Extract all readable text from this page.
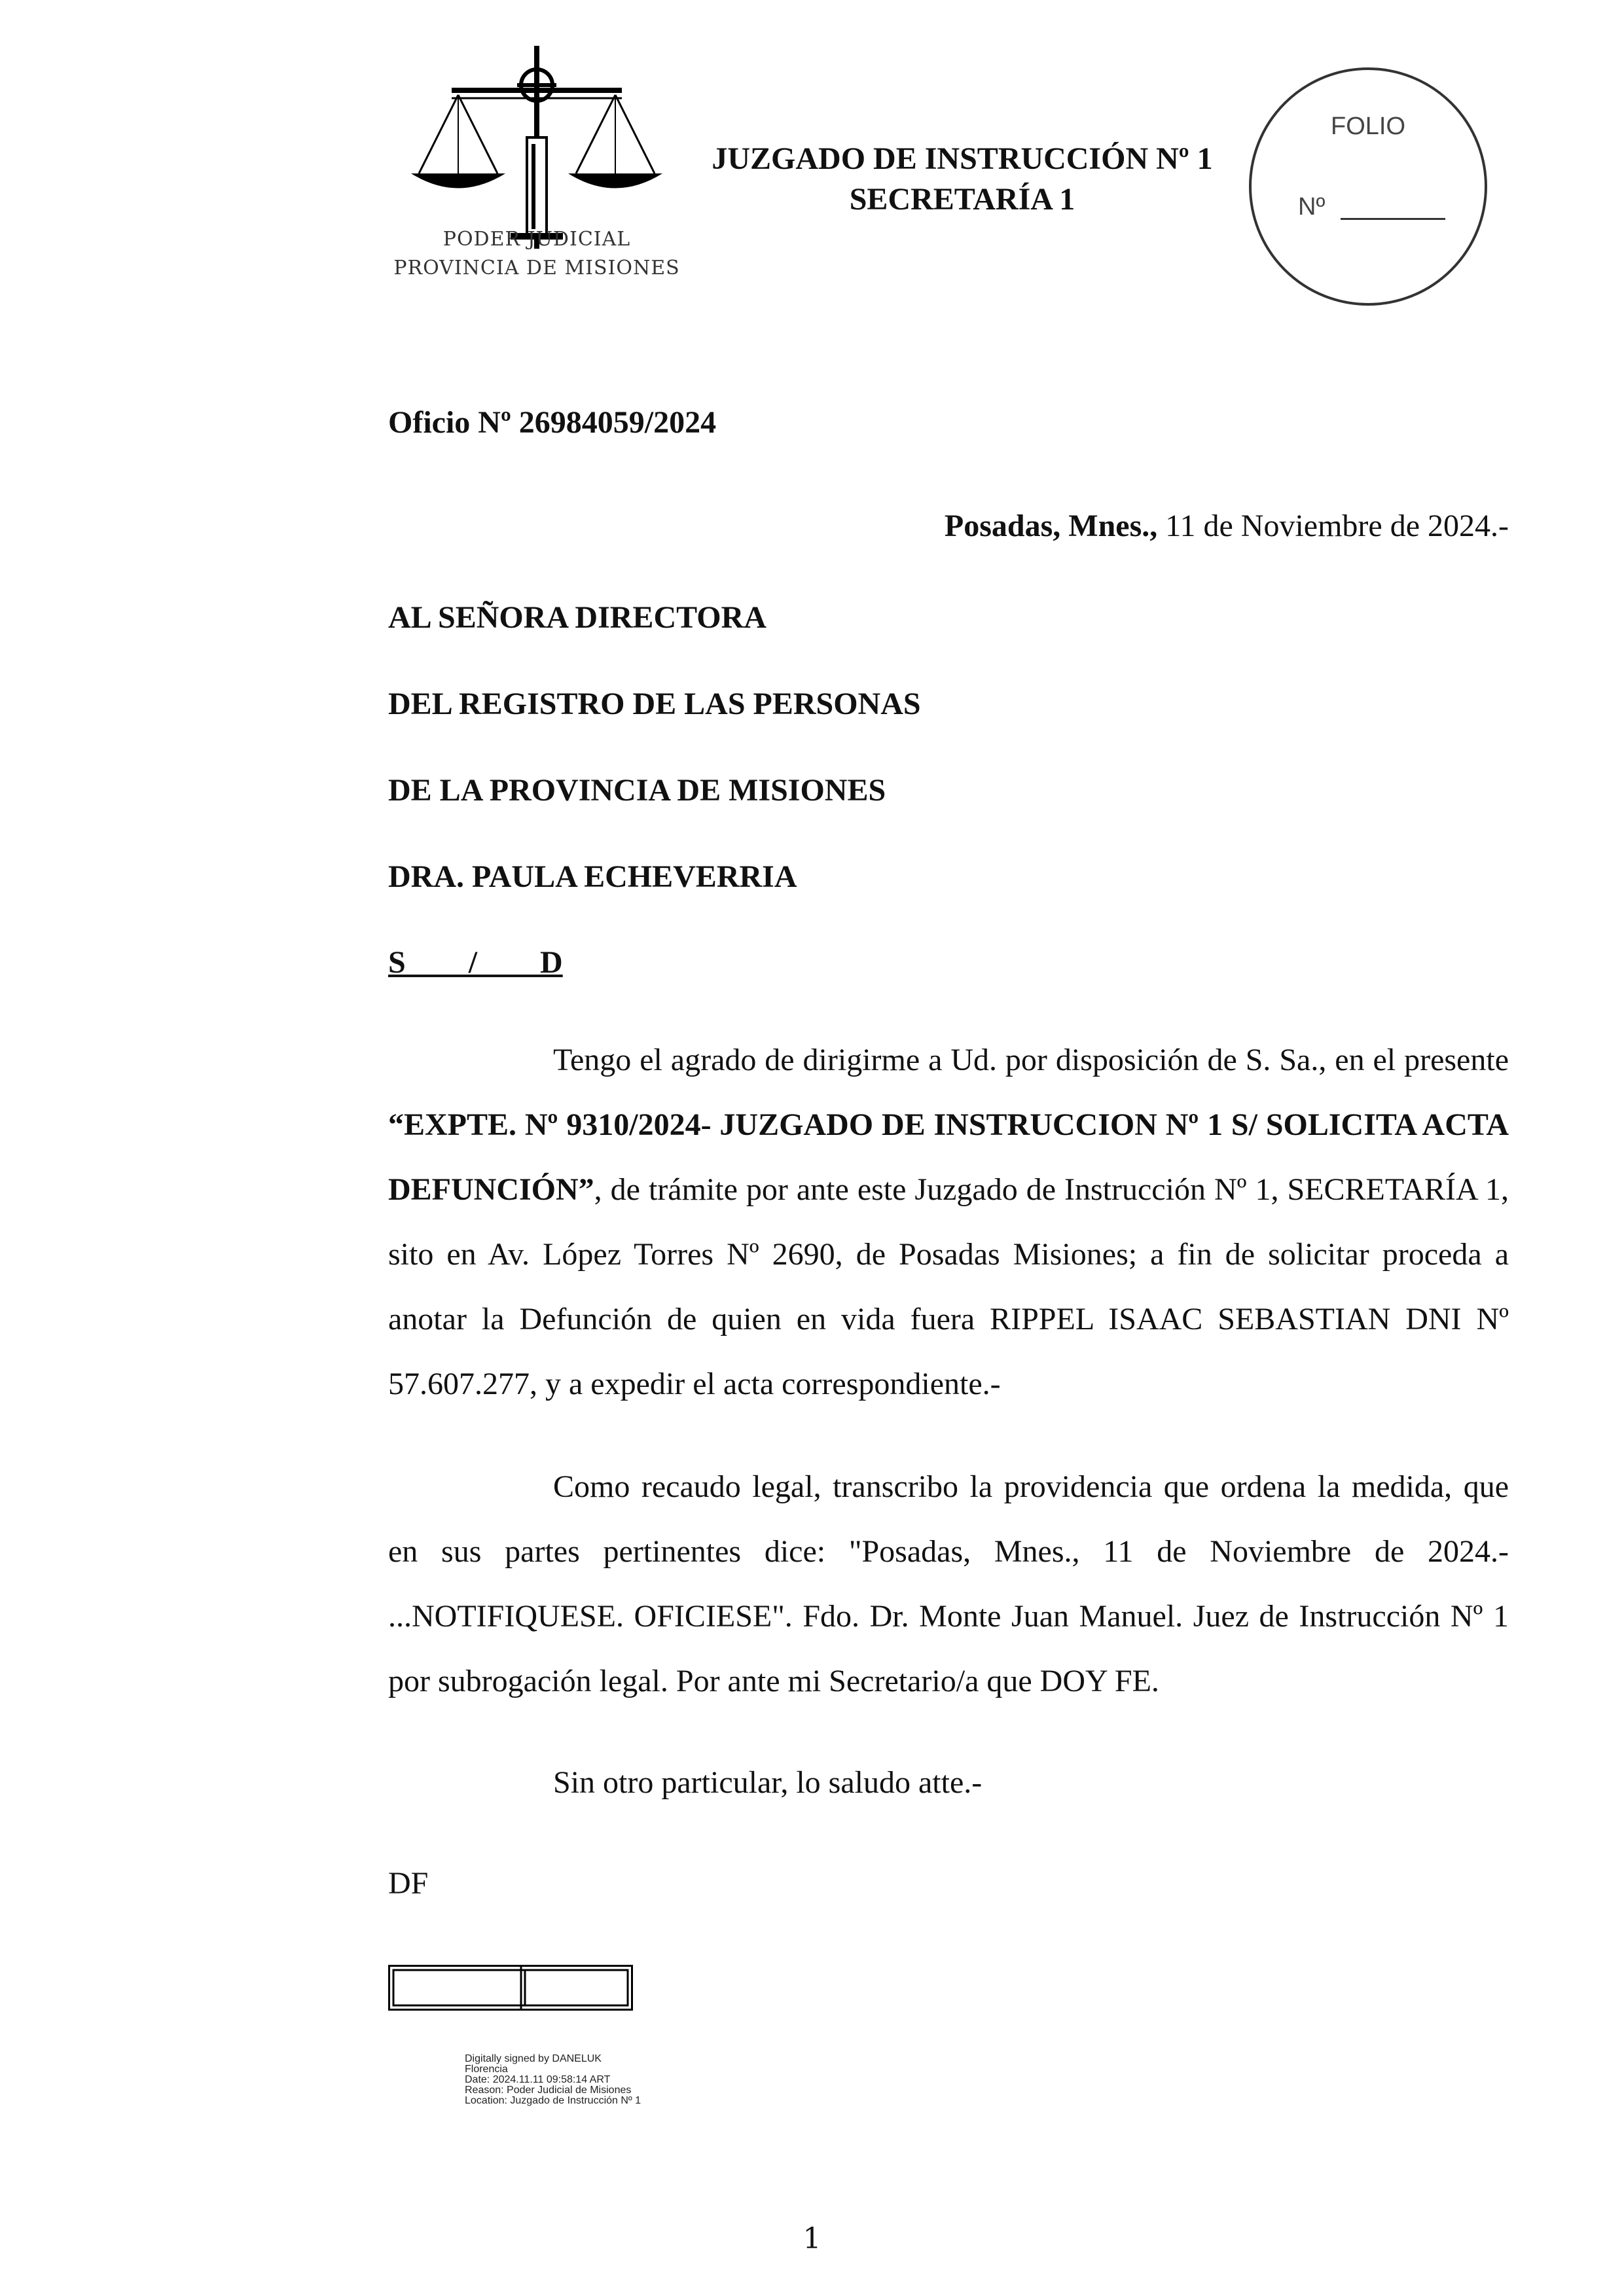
PODER JUDICIAL
PROVINCIA DE MISIONES
JUZGADO DE INSTRUCCIÓN Nº 1
SECRETARÍA 1
FOLIO
Nº
Oficio Nº 26984059/2024
Posadas, Mnes., 11 de Noviembre de 2024.-
AL SEÑORA DIRECTORA
DEL REGISTRO DE LAS PERSONAS
DE LA PROVINCIA DE MISIONES
DRA. PAULA ECHEVERRIA
S        /        D

Tengo el agrado de dirigirme a Ud. por disposición de S. Sa., en el presente “EXPTE. Nº 9310/2024- JUZGADO DE INSTRUCCION Nº 1 S/ SOLICITA ACTA DEFUNCIÓN”, de trámite por ante este Juzgado de Instrucción Nº 1, SECRETARÍA 1, sito en Av. López Torres Nº 2690, de Posadas Misiones; a fin de solicitar proceda a anotar la Defunción de quien en vida fuera RIPPEL ISAAC SEBASTIAN DNI Nº 57.607.277, y a expedir el acta correspondiente.-

Como recaudo legal, transcribo la providencia que ordena la medida, que en sus partes pertinentes dice: "Posadas, Mnes., 11 de Noviembre de 2024.- ...NOTIFIQUESE. OFICIESE". Fdo. Dr. Monte Juan Manuel. Juez de Instrucción Nº 1 por subrogación legal. Por ante mi Secretario/a que DOY FE.

Sin otro particular, lo saludo atte.-
DF
Digitally signed by DANELUK
Florencia
Date: 2024.11.11 09:58:14 ART
Reason: Poder Judicial de Misiones
Location: Juzgado de Instrucción Nº 1
1
